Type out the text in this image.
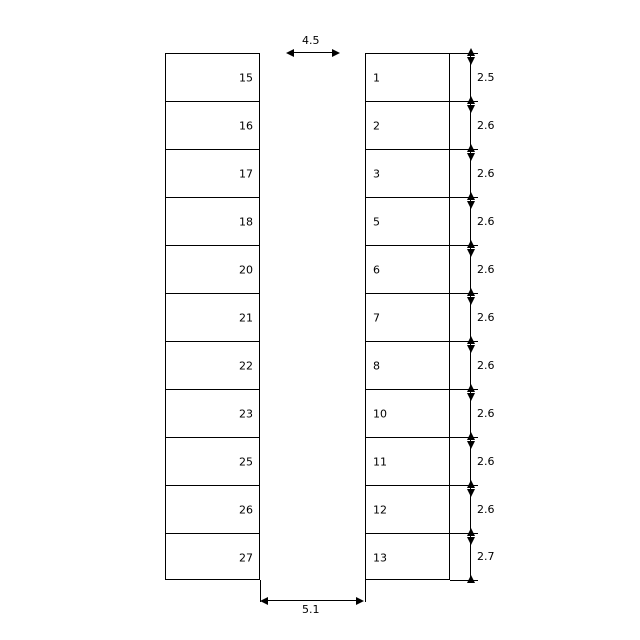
15
16
17
18
20
21
22
23
25
26
27
1
2
3
5
6
7
8
10
11
12
13
4.5
5.1
2.5
2.6
2.6
2.6
2.6
2.6
2.6
2.6
2.6
2.6
2.7
